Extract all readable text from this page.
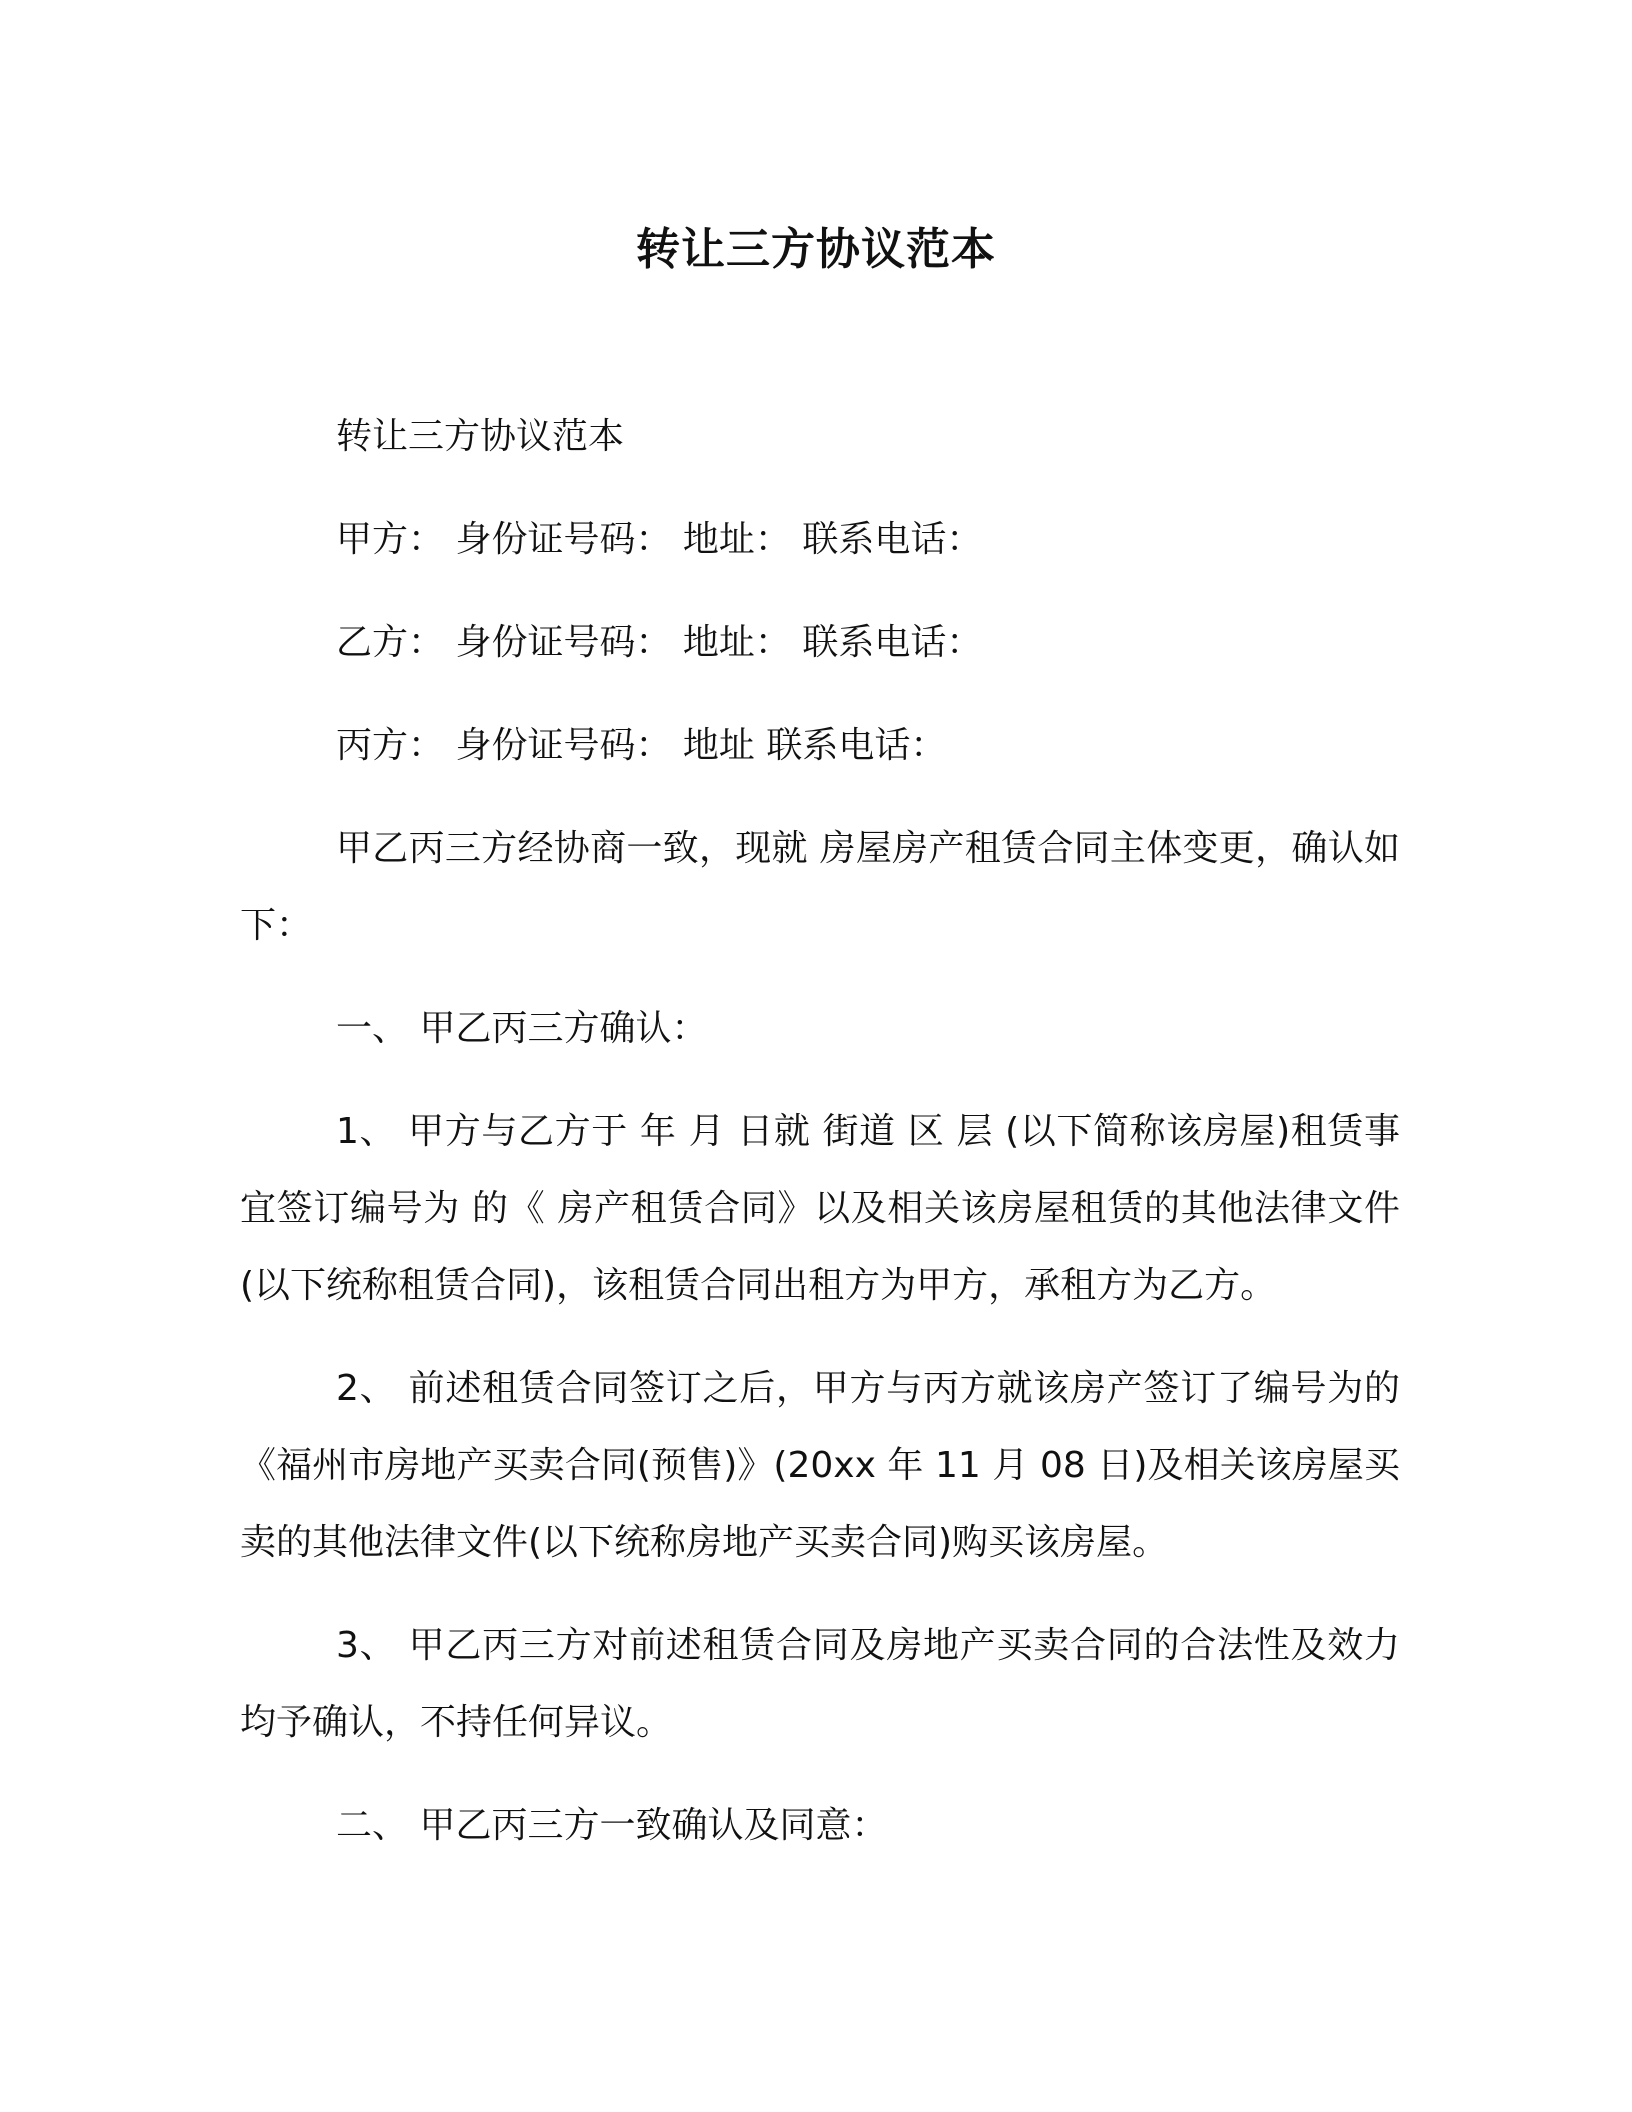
转让三方协议范本

转让三方协议范本

甲方： 身份证号码： 地址： 联系电话：

乙方： 身份证号码： 地址： 联系电话：

丙方： 身份证号码： 地址 联系电话：

甲乙丙三方经协商一致，现就 房屋房产租赁合同主体变更，确认如下：

一、 甲乙丙三方确认：

1、 甲方与乙方于 年 月 日就 街道 区 层 (以下简称该房屋)租赁事宜签订编号为 的《 房产租赁合同》以及相关该房屋租赁的其他法律文件(以下统称租赁合同)，该租赁合同出租方为甲方，承租方为乙方。

2、 前述租赁合同签订之后，甲方与丙方就该房产签订了编号为的《福州市房地产买卖合同(预售)》(20xx 年 11 月 08 日)及相关该房屋买卖的其他法律文件(以下统称房地产买卖合同)购买该房屋。

3、 甲乙丙三方对前述租赁合同及房地产买卖合同的合法性及效力均予确认，不持任何异议。

二、 甲乙丙三方一致确认及同意：
